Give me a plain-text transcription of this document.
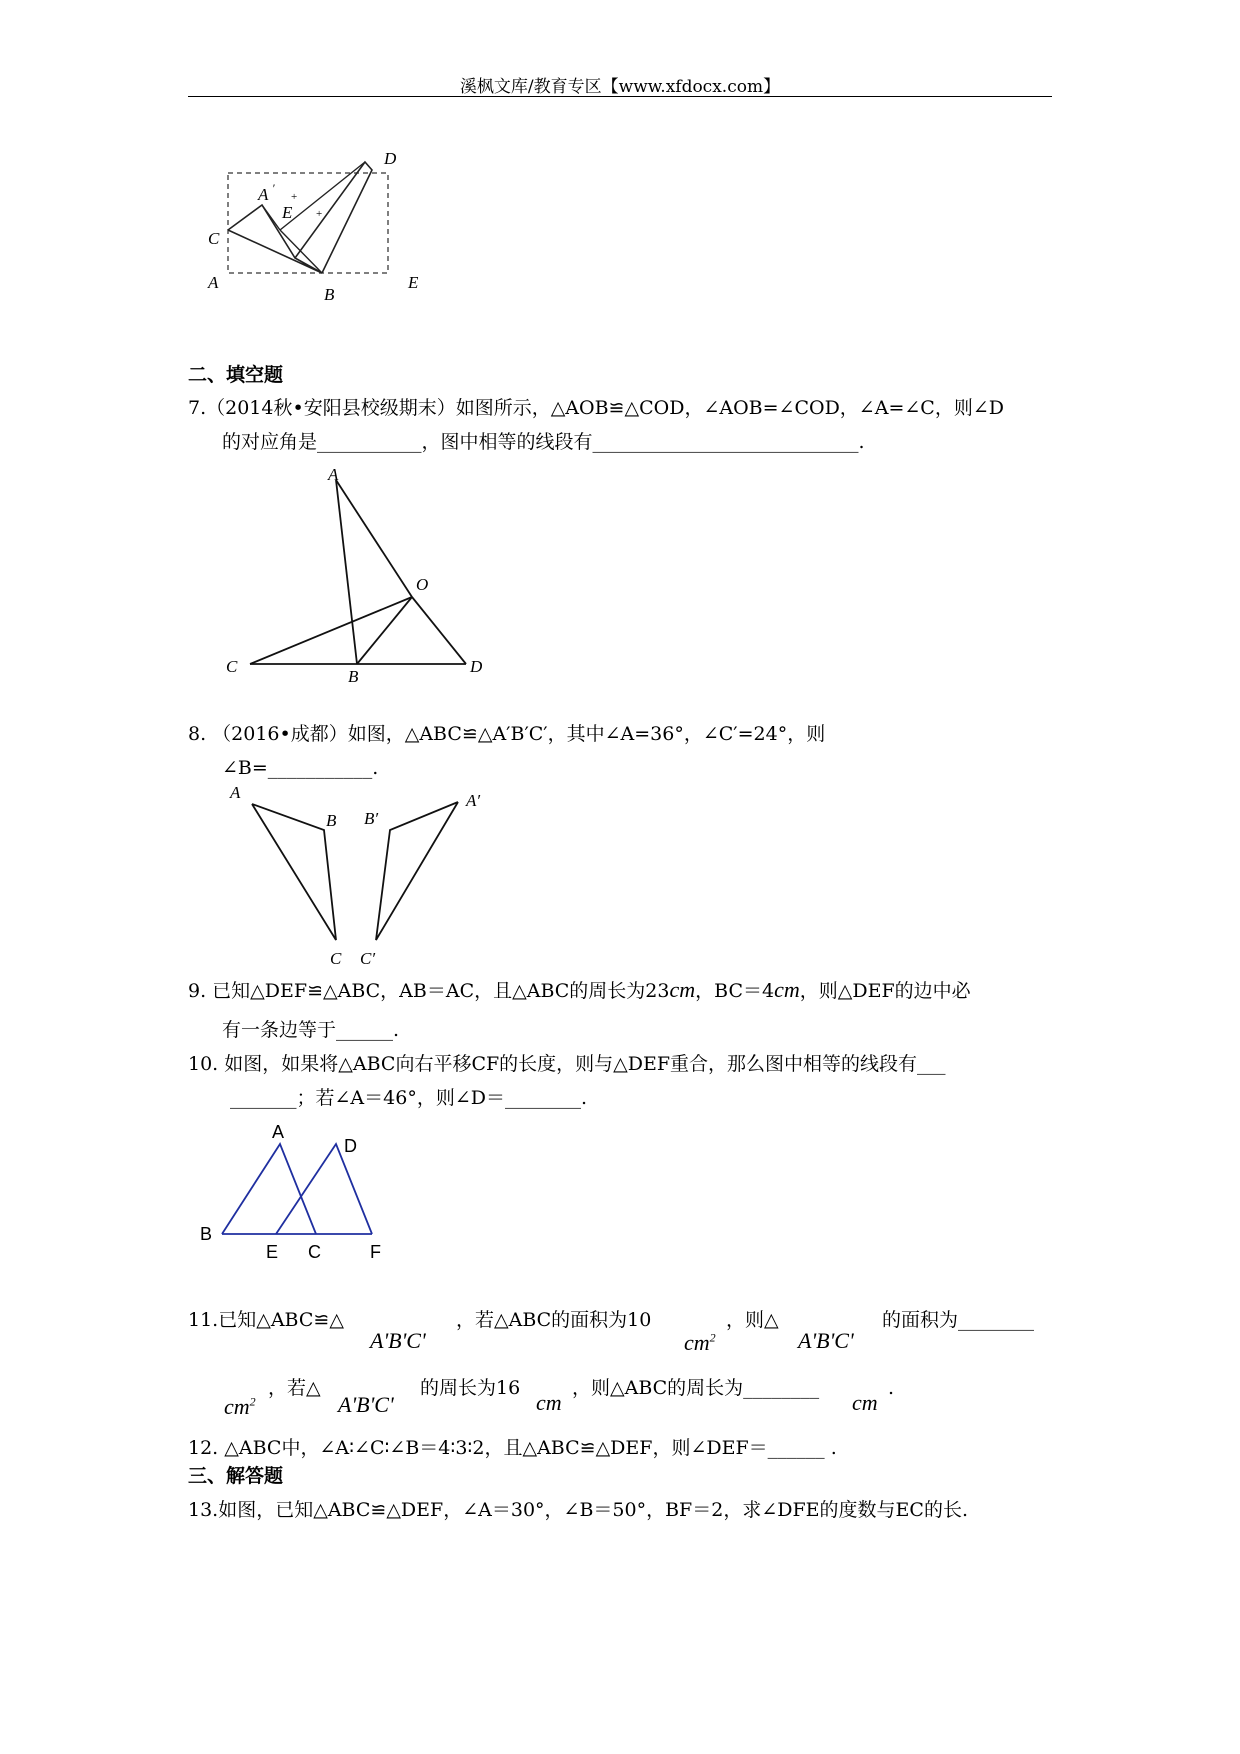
溪枫文库/教育专区【www.xfdocx.com】
D
A ′
E
+
+
C
A
B
E
二、填空题
7.（2014秋•安阳县校级期末）如图所示，△AOB≌△COD，∠AOB=∠COD，∠A=∠C，则∠D
的对应角是___________，图中相等的线段有____________________________.
A
O
C
B
D
8. （2016•成都）如图，△ABC≌△A′B′C′，其中∠A=36°，∠C′=24°，则
∠B=___________.
A
B
C
A′
B′
C′
9. 已知△DEF≌△ABC，AB＝AC，且△ABC的周长为23cm，BC＝4cm，则△DEF的边中必
有一条边等于______.
10. 如图，如果将△ABC向右平移CF的长度，则与△DEF重合，那么图中相等的线段有___
_______；若∠A＝46°，则∠D＝________.
A
D
B
E C	F
11.已知△ABC≌△
A'B'C'
，若△ABC的面积为10
$cm^2$
，则△
A'B'C'
的面积为________
$cm^2$
，若△
A'B'C'
的周长为16
cm
，则△ABC的周长为________
cm
.
12. △ABC中，∠A∶∠C∶∠B＝4∶3∶2，且△ABC≌△DEF，则∠DEF＝______ .
三、解答题
13.如图，已知△ABC≌△DEF，∠A＝30°，∠B＝50°，BF＝2，求∠DFE的度数与EC的长.
